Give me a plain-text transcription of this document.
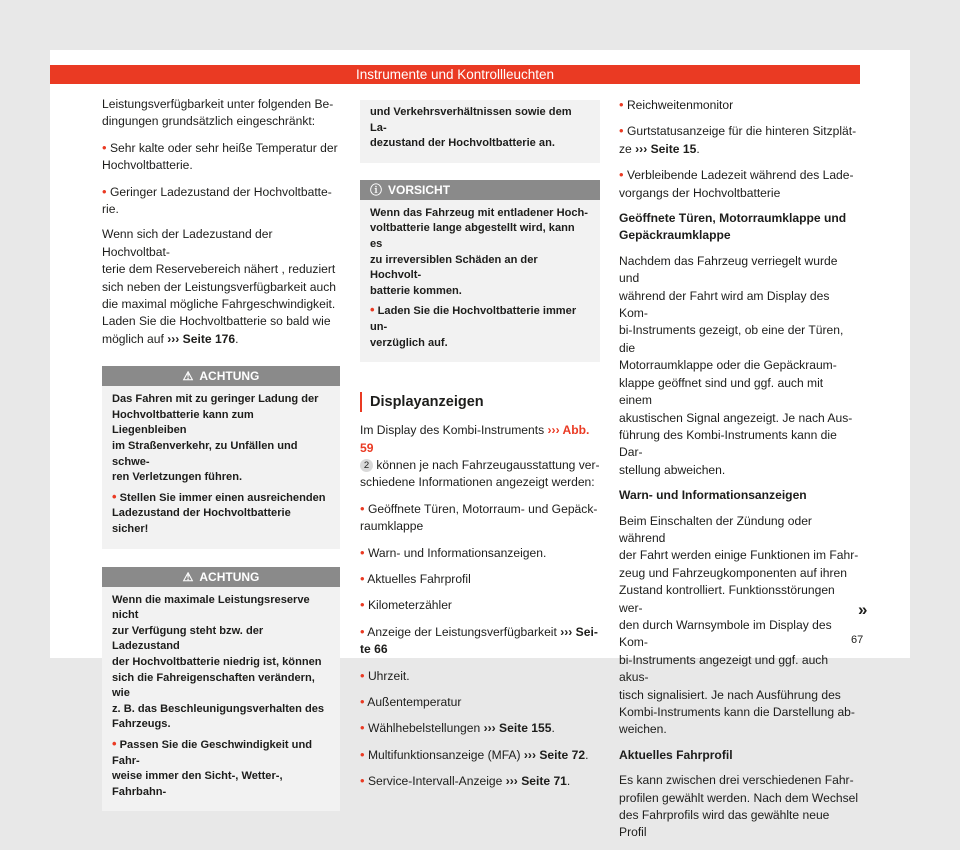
Instrumente und Kontrollleuchten

Leistungsverfügbarkeit unter folgenden Be-
dingungen grundsätzlich eingeschränkt:

• Sehr kalte oder sehr heiße Temperatur der
Hochvoltbatterie.

• Geringer Ladezustand der Hochvoltbatte-
rie.

Wenn sich der Ladezustand der Hochvoltbat-
terie dem Reservebereich nähert , reduziert
sich neben der Leistungsverfügbarkeit auch
die maximal mögliche Fahrgeschwindigkeit.
Laden Sie die Hochvoltbatterie so bald wie
möglich auf ››› Seite 176.

⚠ ACHTUNG

Das Fahren mit zu geringer Ladung der
Hochvoltbatterie kann zum Liegenbleiben
im Straßenverkehr, zu Unfällen und schwe-
ren Verletzungen führen.

• Stellen Sie immer einen ausreichenden
Ladezustand der Hochvoltbatterie sicher!

⚠ ACHTUNG

Wenn die maximale Leistungsreserve nicht
zur Verfügung steht bzw. der Ladezustand
der Hochvoltbatterie niedrig ist, können
sich die Fahreigenschaften verändern, wie
z. B. das Beschleunigungsverhalten des
Fahrzeugs.

• Passen Sie die Geschwindigkeit und Fahr-
weise immer den Sicht-, Wetter-, Fahrbahn-

und Verkehrsverhältnissen sowie dem La-
dezustand der Hochvoltbatterie an.

ⓘ VORSICHT

Wenn das Fahrzeug mit entladener Hoch-
voltbatterie lange abgestellt wird, kann es
zu irreversiblen Schäden an der Hochvolt-
batterie kommen.

• Laden Sie die Hochvoltbatterie immer un-
verzüglich auf.

Displayanzeigen

Im Display des Kombi-Instruments ››› Abb. 59
2 können je nach Fahrzeugausstattung ver-
schiedene Informationen angezeigt werden:

• Geöffnete Türen, Motorraum- und Gepäck-
raumklappe

• Warn- und Informationsanzeigen.

• Aktuelles Fahrprofil

• Kilometerzähler

• Anzeige der Leistungsverfügbarkeit ››› Sei-
te 66

• Uhrzeit.

• Außentemperatur

• Wählhebelstellungen ››› Seite 155.

• Multifunktionsanzeige (MFA) ››› Seite 72.

• Service-Intervall-Anzeige ››› Seite 71.

• Reichweitenmonitor

• Gurtstatusanzeige für die hinteren Sitzplät-
ze ››› Seite 15.

• Verbleibende Ladezeit während des Lade-
vorgangs der Hochvoltbatterie

Geöffnete Türen, Motorraumklappe und
Gepäckraumklappe

Nachdem das Fahrzeug verriegelt wurde und
während der Fahrt wird am Display des Kom-
bi-Instruments gezeigt, ob eine der Türen, die
Motorraumklappe oder die Gepäckraum-
klappe geöffnet sind und ggf. auch mit einem
akustischen Signal angezeigt. Je nach Aus-
führung des Kombi-Instruments kann die Dar-
stellung abweichen.

Warn- und Informationsanzeigen

Beim Einschalten der Zündung oder während
der Fahrt werden einige Funktionen im Fahr-
zeug und Fahrzeugkomponenten auf ihren
Zustand kontrolliert. Funktionsstörungen wer-
den durch Warnsymbole im Display des Kom-
bi-Instruments angezeigt und ggf. auch akus-
tisch signalisiert. Je nach Ausführung des
Kombi-Instruments kann die Darstellung ab-
weichen.

Aktuelles Fahrprofil

Es kann zwischen drei verschiedenen Fahr-
profilen gewählt werden. Nach dem Wechsel
des Fahrprofils wird das gewählte neue Profil

»
67
